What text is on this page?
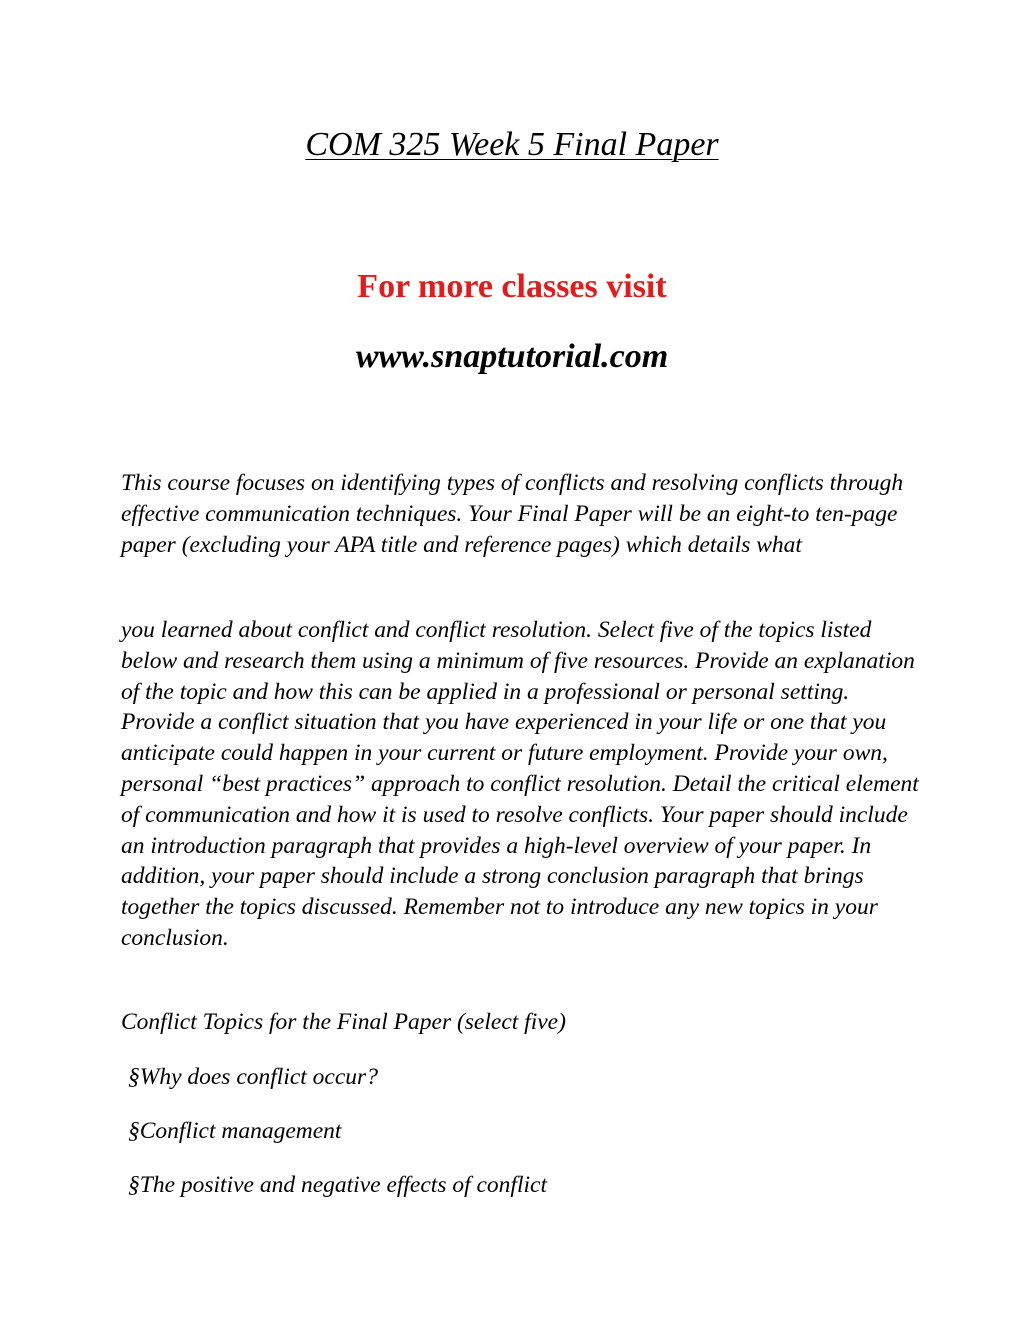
COM 325 Week 5 Final Paper

For more classes visit

www.snaptutorial.com

This course focuses on identifying types of conflicts and resolving conflicts through effective communication techniques. Your Final Paper will be an eight-to ten-page paper (excluding your APA title and reference pages) which details what

you learned about conflict and conflict resolution. Select five of the topics listed below and research them using a minimum of five resources. Provide an explanation of the topic and how this can be applied in a professional or personal setting. Provide a conflict situation that you have experienced in your life or one that you anticipate could happen in your current or future employment. Provide your own, personal “best practices” approach to conflict resolution. Detail the critical element of communication and how it is used to resolve conflicts. Your paper should include an introduction paragraph that provides a high-level overview of your paper. In addition, your paper should include a strong conclusion paragraph that brings together the topics discussed. Remember not to introduce any new topics in your conclusion.

Conflict Topics for the Final Paper (select five)

§Why does conflict occur?

§Conflict management

§The positive and negative effects of conflict
